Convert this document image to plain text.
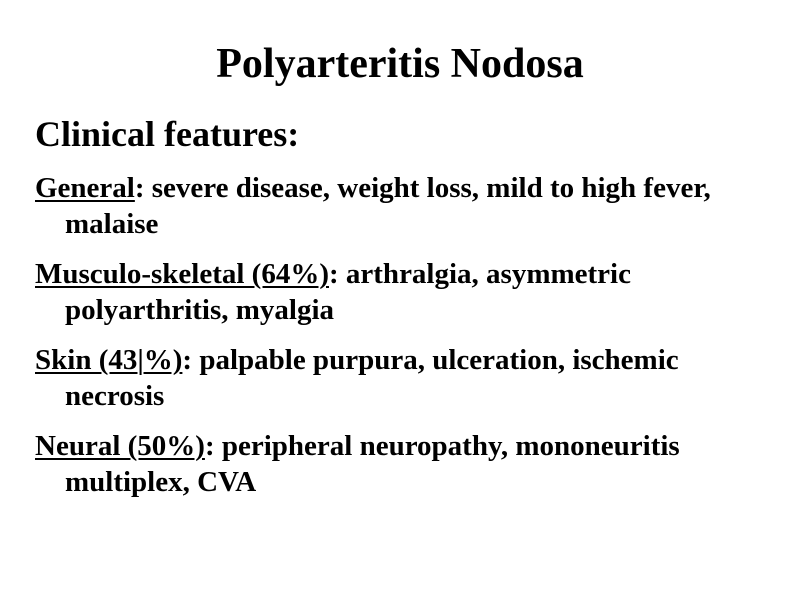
Polyarteritis Nodosa
Clinical features:
General: severe disease, weight loss, mild to high fever, malaise
Musculo-skeletal (64%): arthralgia, asymmetric polyarthritis, myalgia
Skin (43|%): palpable purpura, ulceration, ischemic necrosis
Neural (50%): peripheral neuropathy, mononeuritis multiplex, CVA
